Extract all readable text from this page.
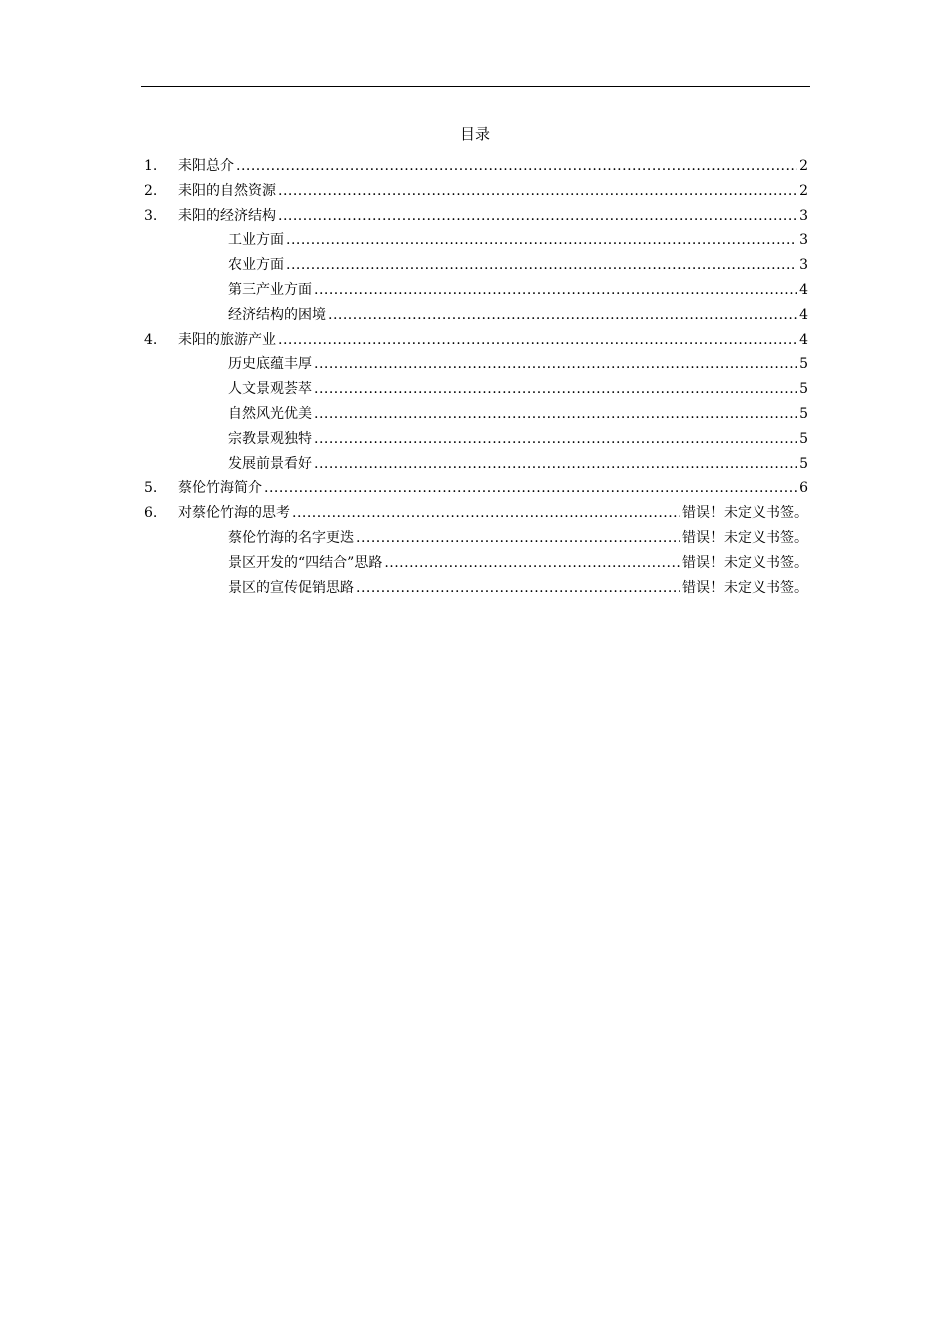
目录
1.	耒阳总介 .....	2
2.	耒阳的自然资源 .....	2
3.	耒阳的经济结构 .....	3
工业方面 .....	3
农业方面 .....	3
第三产业方面 .....	4
经济结构的困境 .....	4
4.	耒阳的旅游产业 .....	4
历史底蕴丰厚 .....	5
人文景观荟萃 .....	5
自然风光优美 .....	5
宗教景观独特 .....	5
发展前景看好 .....	5
5.	蔡伦竹海简介 .....	6
6.	对蔡伦竹海的思考 .....	错误！未定义书签。
蔡伦竹海的名字更迭 .....	错误！未定义书签。
景区开发的“四结合”思路 .....	错误！未定义书签。
景区的宣传促销思路 .....	错误！未定义书签。
